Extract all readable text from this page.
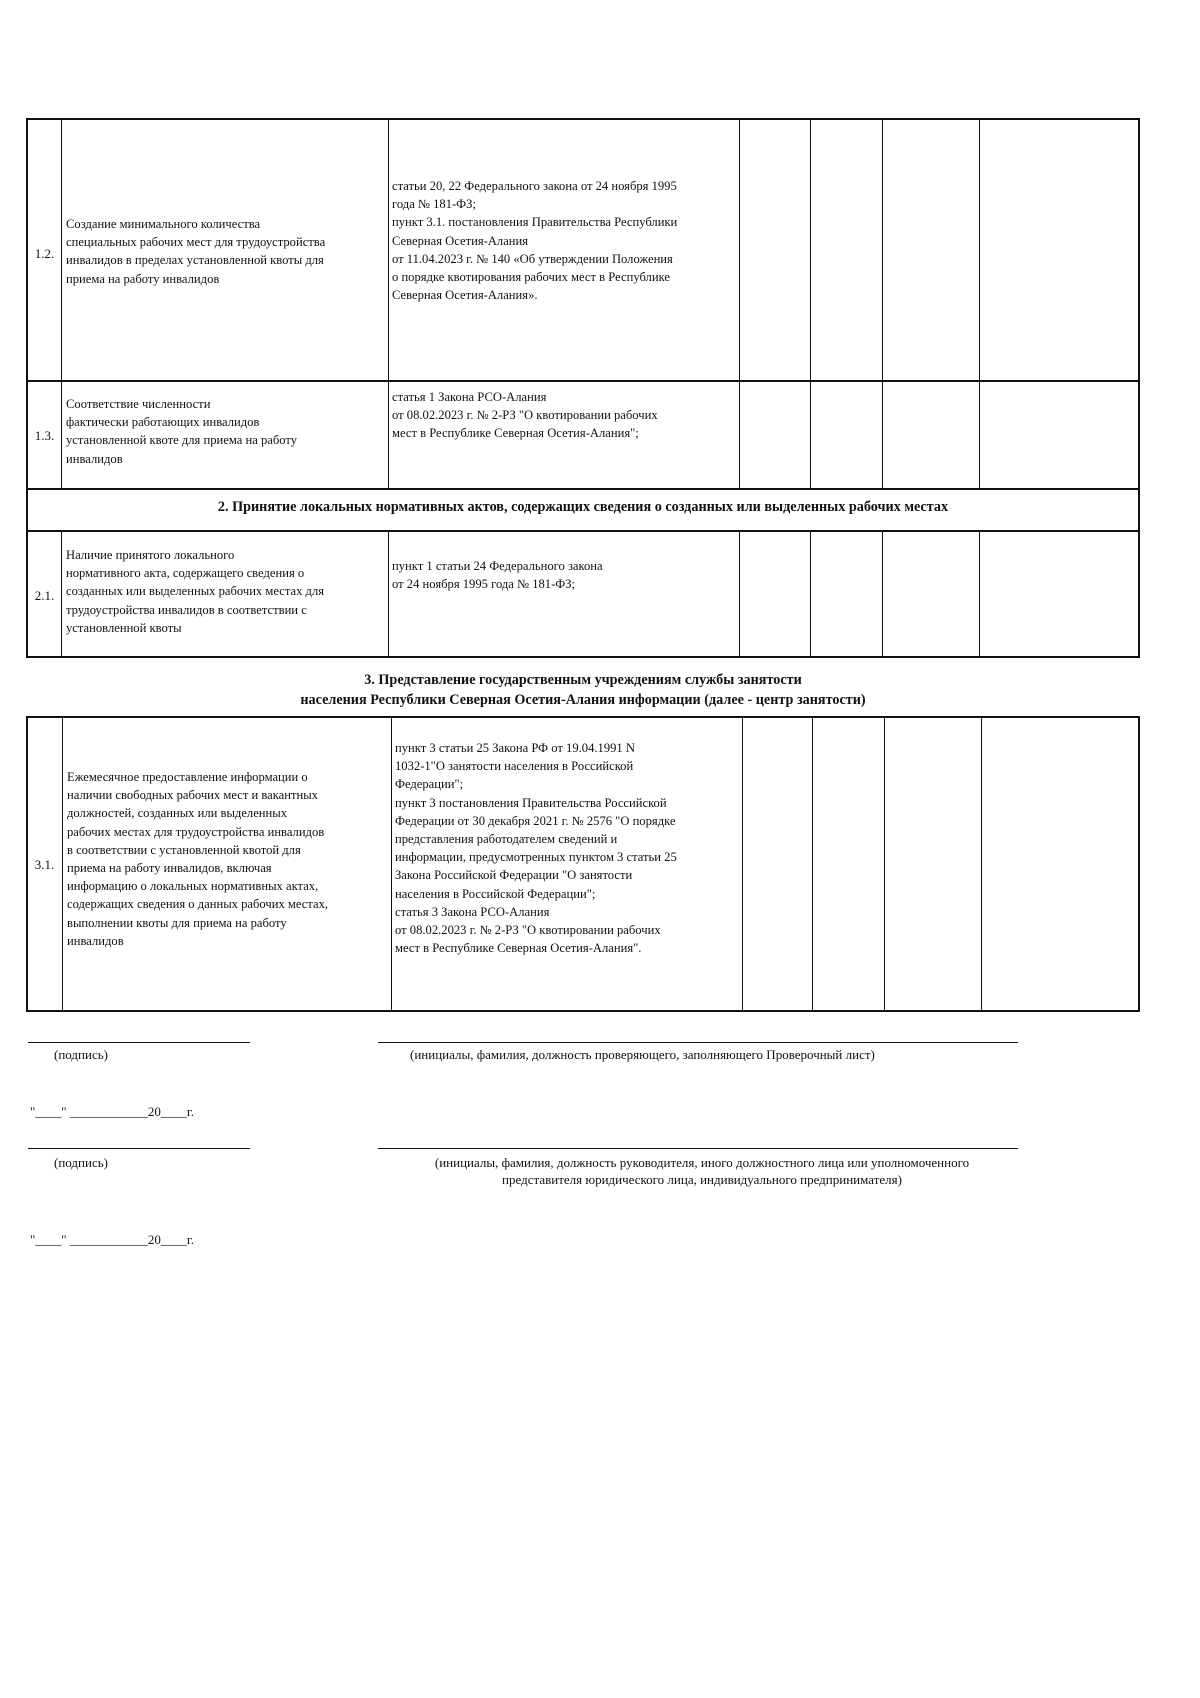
1.2.
Создание минимального количества
специальных рабочих мест для трудоустройства
инвалидов в пределах установленной квоты для
приема на работу инвалидов
статьи 20, 22 Федерального закона от 24 ноября 1995
года № 181-ФЗ;
пункт 3.1. постановления Правительства Республики
Северная Осетия-Алания
от 11.04.2023 г. № 140 «Об утверждении Положения
о порядке квотирования рабочих мест в Республике
Северная Осетия-Алания».
1.3.
Соответствие численности
фактически работающих инвалидов
установленной квоте для приема на работу
инвалидов
статья 1 Закона РСО-Алания
от 08.02.2023 г. № 2-РЗ "О квотировании рабочих
мест в Республике Северная Осетия-Алания";
2. Принятие локальных нормативных актов, содержащих сведения о созданных или выделенных рабочих местах
2.1.
Наличие принятого локального
нормативного акта, содержащего сведения о
созданных или выделенных рабочих местах для
трудоустройства инвалидов в соответствии с
установленной квоты
пункт 1 статьи 24 Федерального закона
от 24 ноября 1995 года № 181-ФЗ;
3. Представление государственным учреждениям службы занятости
населения Республики Северная Осетия-Алания информации (далее - центр занятости)
3.1.
Ежемесячное предоставление информации о
наличии свободных рабочих мест и вакантных
должностей, созданных или выделенных
рабочих местах для трудоустройства инвалидов
в соответствии с установленной квотой для
приема на работу инвалидов, включая
информацию о локальных нормативных актах,
содержащих сведения о данных рабочих местах,
выполнении квоты для приема на работу
инвалидов
пункт 3 статьи 25 Закона РФ от 19.04.1991 N
1032-1"О занятости населения в Российской
Федерации";
пункт 3 постановления Правительства Российской
Федерации от 30 декабря 2021 г. № 2576 "О порядке
представления работодателем сведений и
информации, предусмотренных пунктом 3 статьи 25
Закона Российской Федерации "О занятости
населения в Российской Федерации";
статья 3 Закона РСО-Алания
от 08.02.2023 г. № 2-РЗ "О квотировании рабочих
мест в Республике Северная Осетия-Алания".
(подпись)	(инициалы, фамилия, должность проверяющего, заполняющего Проверочный лист)
"____" ____________20____г.
(подпись)	(инициалы, фамилия, должность руководителя, иного должностного лица или уполномоченного
представителя юридического лица, индивидуального предпринимателя)
"____" ____________20____г.
